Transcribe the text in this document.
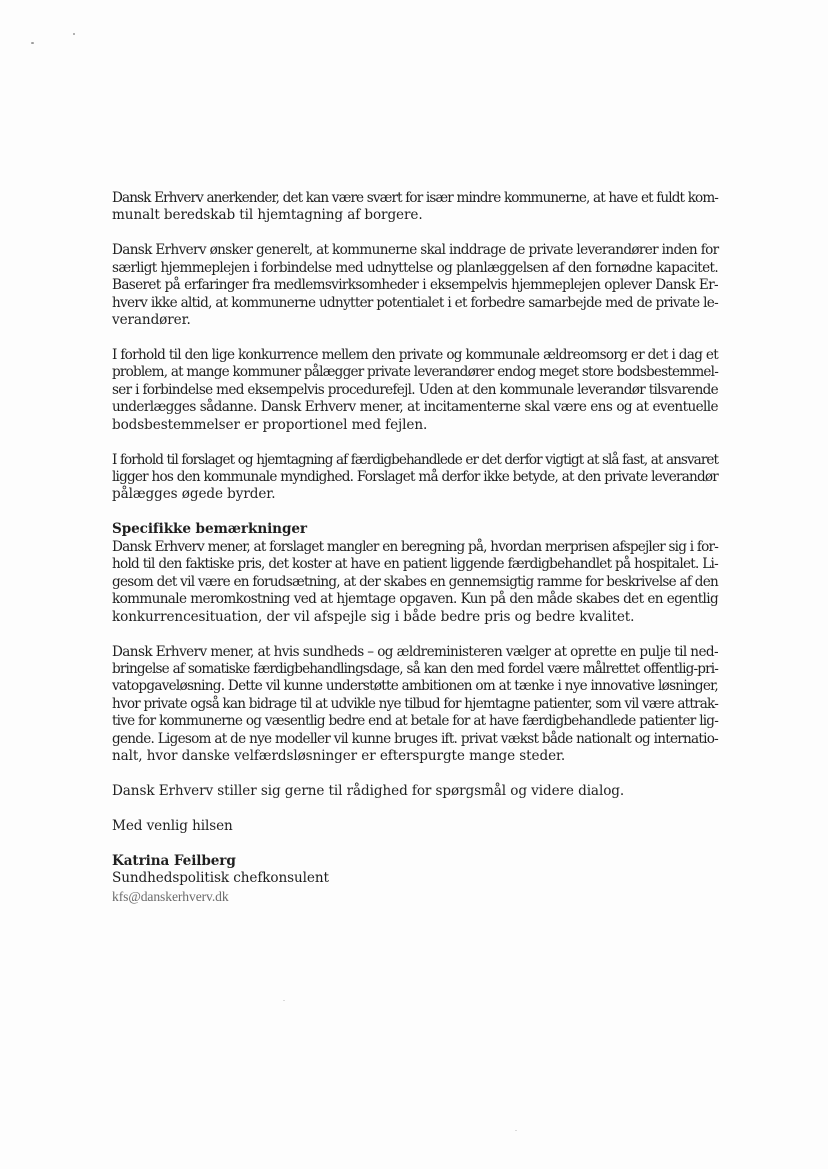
Dansk Erhverv anerkender, det kan være svært for især mindre kommunerne, at have et fuldt kom-
munalt beredskab til hjemtagning af borgere.

Dansk Erhverv ønsker generelt, at kommunerne skal inddrage de private leverandører inden for
særligt hjemmeplejen i forbindelse med udnyttelse og planlæggelsen af den fornødne kapacitet.
Baseret på erfaringer fra medlemsvirksomheder i eksempelvis hjemmeplejen oplever Dansk Er-
hverv ikke altid, at kommunerne udnytter potentialet i et forbedre samarbejde med de private le-
verandører.

I forhold til den lige konkurrence mellem den private og kommunale ældreomsorg er det i dag et
problem, at mange kommuner pålægger private leverandører endog meget store bodsbestemmel-
ser i forbindelse med eksempelvis procedurefejl. Uden at den kommunale leverandør tilsvarende
underlægges sådanne. Dansk Erhverv mener, at incitamenterne skal være ens og at eventuelle
bodsbestemmelser er proportionel med fejlen.

I forhold til forslaget og hjemtagning af færdigbehandlede er det derfor vigtigt at slå fast, at ansvaret
ligger hos den kommunale myndighed. Forslaget må derfor ikke betyde, at den private leverandør
pålægges øgede byrder.

Specifikke bemærkninger
Dansk Erhverv mener, at forslaget mangler en beregning på, hvordan merprisen afspejler sig i for-
hold til den faktiske pris, det koster at have en patient liggende færdigbehandlet på hospitalet. Li-
gesom det vil være en forudsætning, at der skabes en gennemsigtig ramme for beskrivelse af den
kommunale meromkostning ved at hjemtage opgaven. Kun på den måde skabes det en egentlig
konkurrencesituation, der vil afspejle sig i både bedre pris og bedre kvalitet.

Dansk Erhverv mener, at hvis sundheds – og ældreministeren vælger at oprette en pulje til ned-
bringelse af somatiske færdigbehandlingsdage, så kan den med fordel være målrettet offentlig-pri-
vatopgaveløsning. Dette vil kunne understøtte ambitionen om at tænke i nye innovative løsninger,
hvor private også kan bidrage til at udvikle nye tilbud for hjemtagne patienter, som vil være attrak-
tive for kommunerne og væsentlig bedre end at betale for at have færdigbehandlede patienter lig-
gende. Ligesom at de nye modeller vil kunne bruges ift. privat vækst både nationalt og internatio-
nalt, hvor danske velfærdsløsninger er efterspurgte mange steder.

Dansk Erhverv stiller sig gerne til rådighed for spørgsmål og videre dialog.

Med venlig hilsen

Katrina Feilberg
Sundhedspolitisk chefkonsulent
kfs@danskerhverv.dk
